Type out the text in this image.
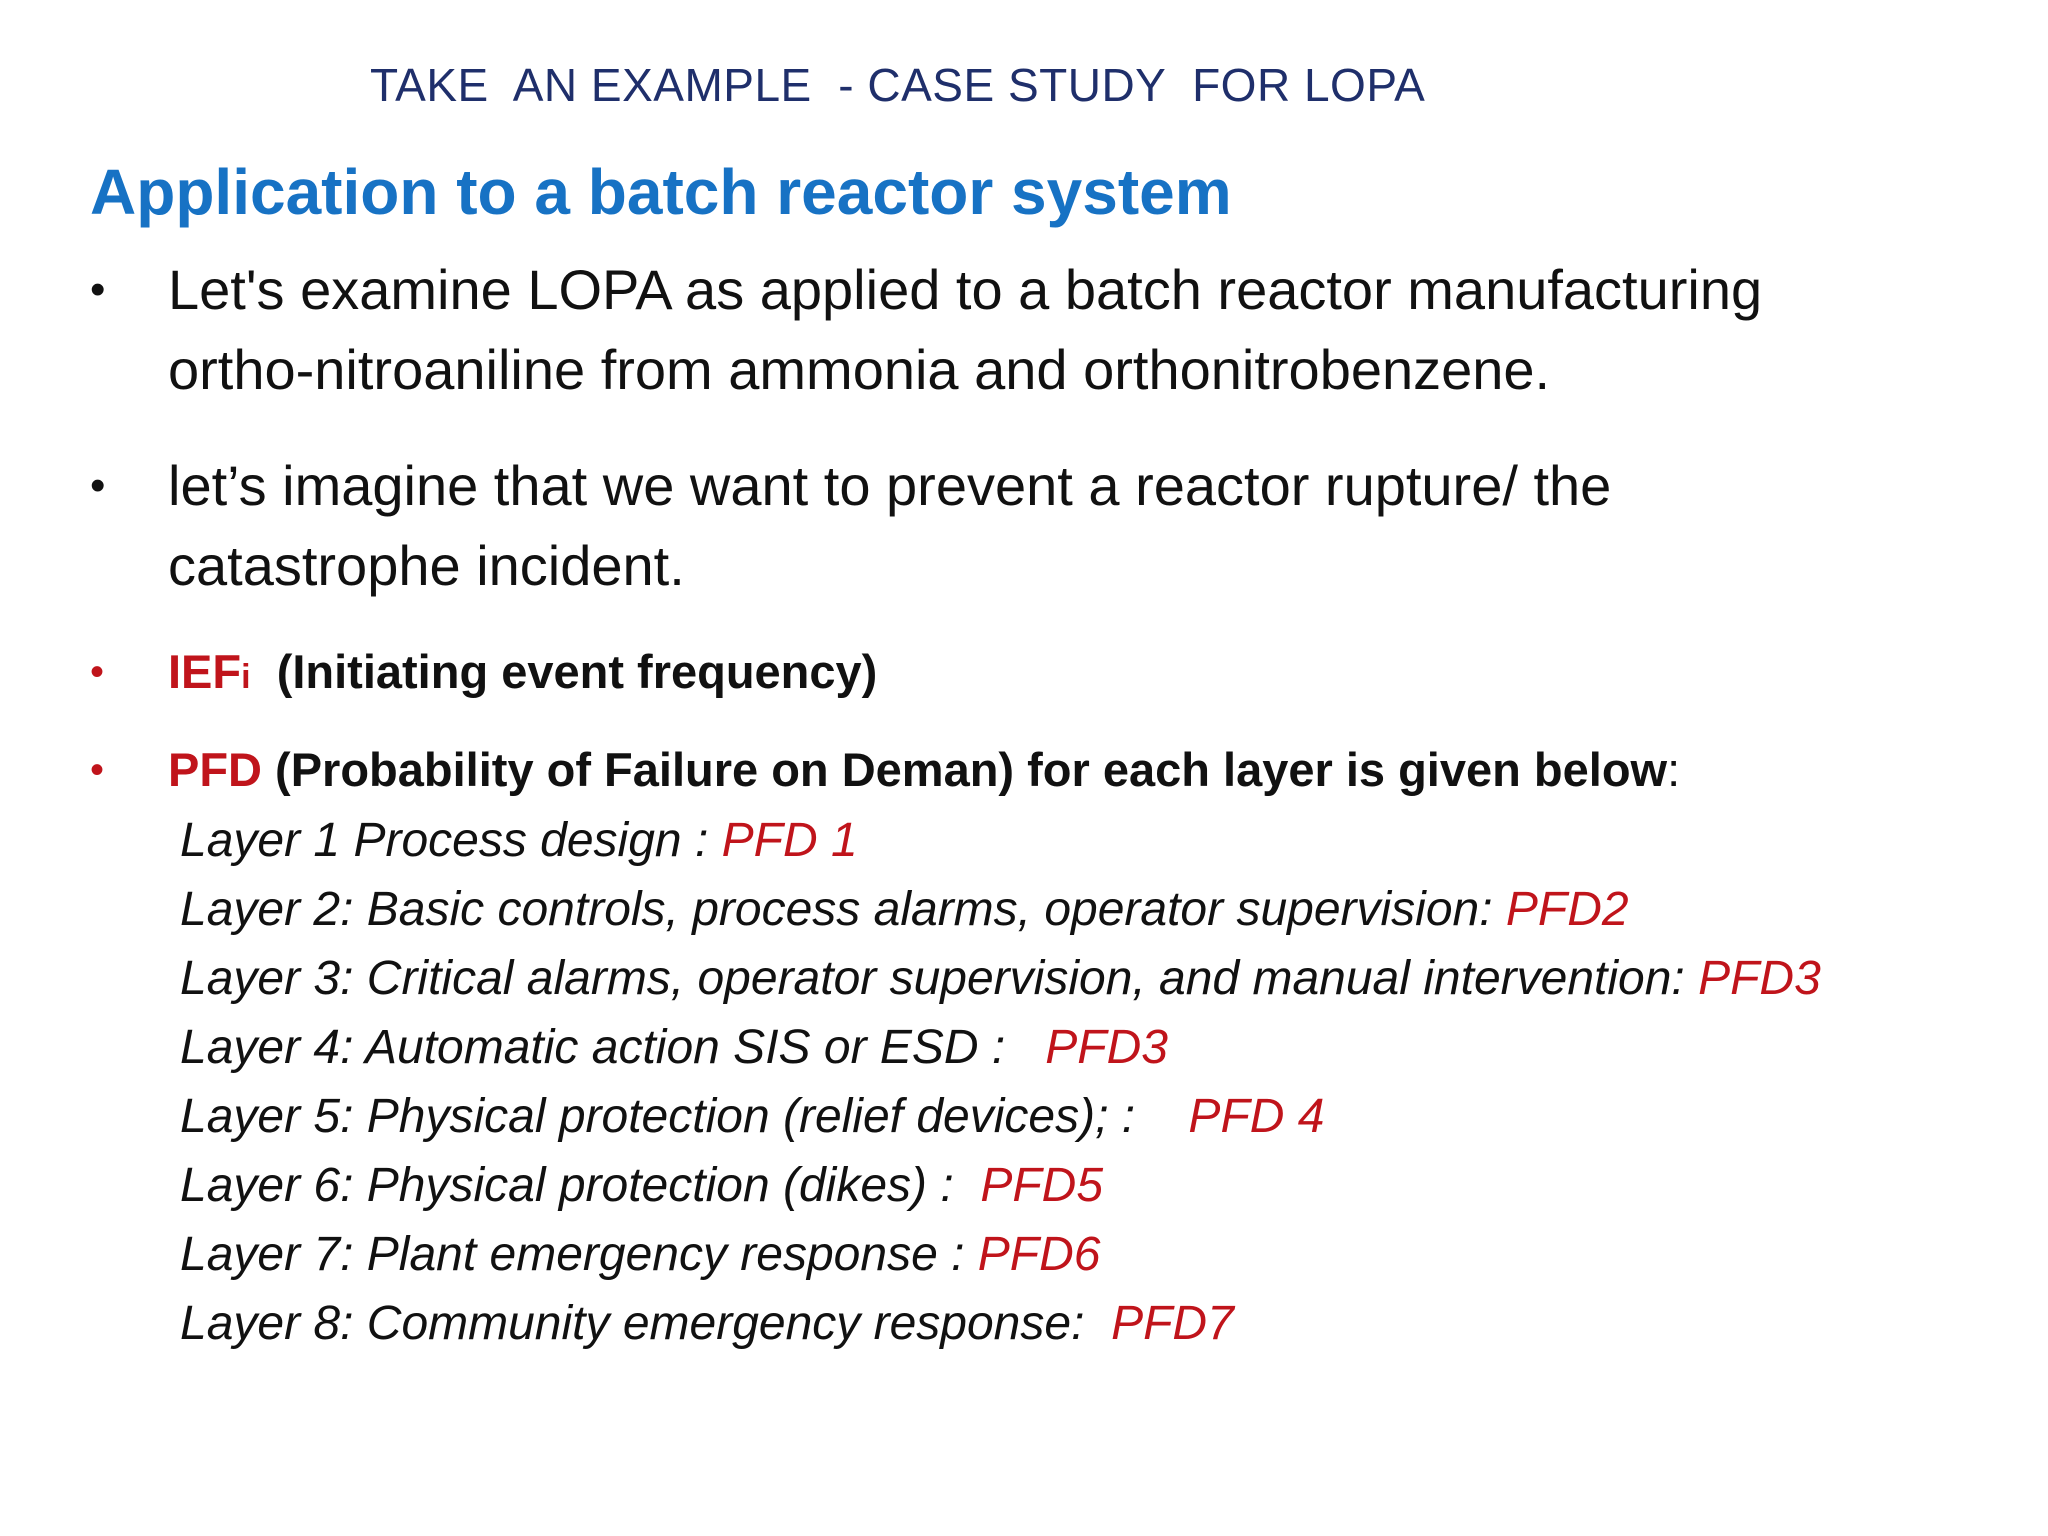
TAKE  AN EXAMPLE  - CASE STUDY  FOR LOPA
Application to a batch reactor system
• Let's examine LOPA as applied to a batch reactor manufacturing
ortho-nitroaniline from ammonia and orthonitrobenzene.
• let’s imagine that we want to prevent a reactor rupture/ the
catastrophe incident.
• IEFi  (Initiating event frequency)
• PFD (Probability of Failure on Deman) for each layer is given below:
Layer 1 Process design : PFD 1
Layer 2: Basic controls, process alarms, operator supervision: PFD2
Layer 3: Critical alarms, operator supervision, and manual intervention: PFD3
Layer 4: Automatic action SIS or ESD :   PFD3
Layer 5: Physical protection (relief devices); :    PFD 4
Layer 6: Physical protection (dikes) :  PFD5
Layer 7: Plant emergency response : PFD6
Layer 8: Community emergency response:  PFD7
